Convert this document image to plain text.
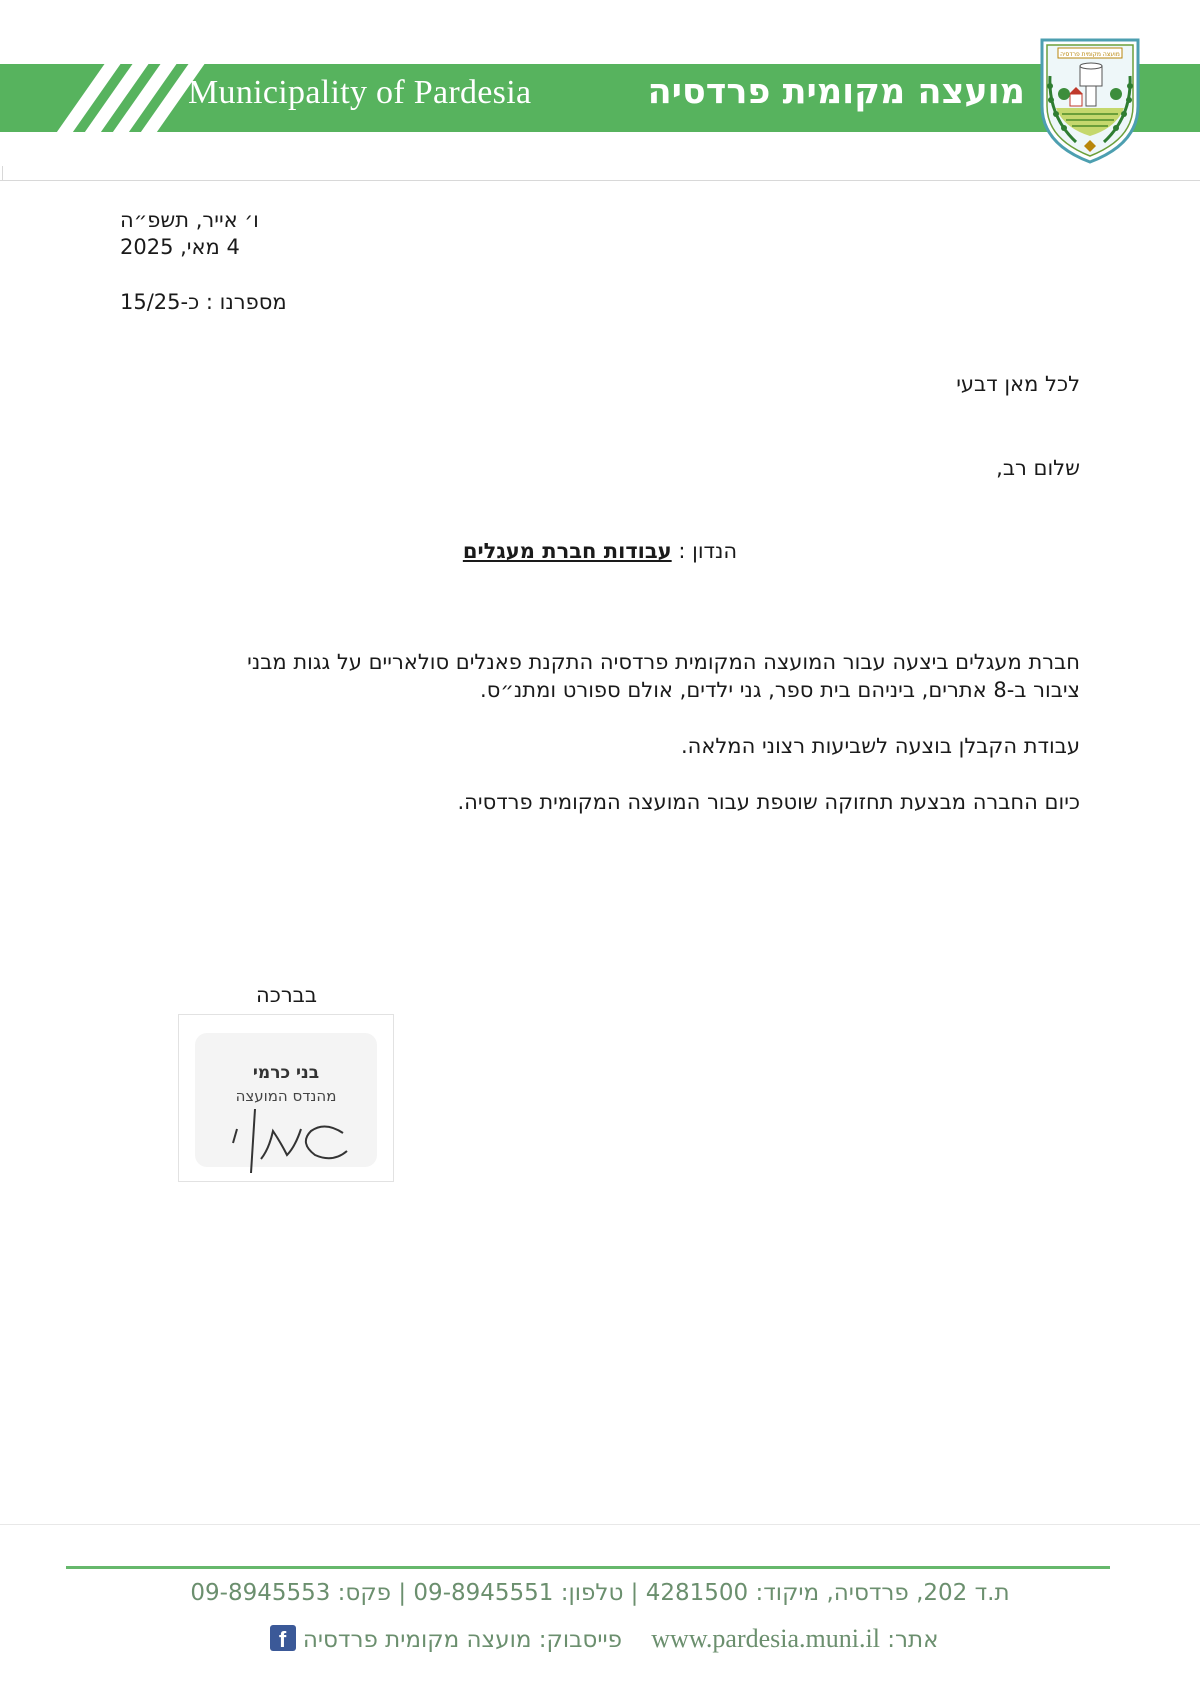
Municipality of Pardesia	מועצה מקומית פרדסיה
מועצה מקומית פרדסיה
ו׳ אייר, תשפ״ה
4 מאי, 2025
מספרנו : כ-15/25
לכל מאן דבעי
שלום רב,
הנדון : עבודות חברת מעגלים
חברת מעגלים ביצעה עבור המועצה המקומית פרדסיה התקנת פאנלים סולאריים על גגות מבני
ציבור ב-8 אתרים, ביניהם בית ספר, גני ילדים, אולם ספורט ומתנ״ס.
עבודת הקבלן בוצעה לשביעות רצוני המלאה.
כיום החברה מבצעת תחזוקה שוטפת עבור המועצה המקומית פרדסיה.
בברכה
בני כרמי
מהנדס המועצה
ת.ד 202, פרדסיה, מיקוד: 4281500 | טלפון: 09-8945551 | פקס: 09-8945553
אתר: www.pardesia.muni.il    פייסבוק: מועצה מקומית פרדסיה f
